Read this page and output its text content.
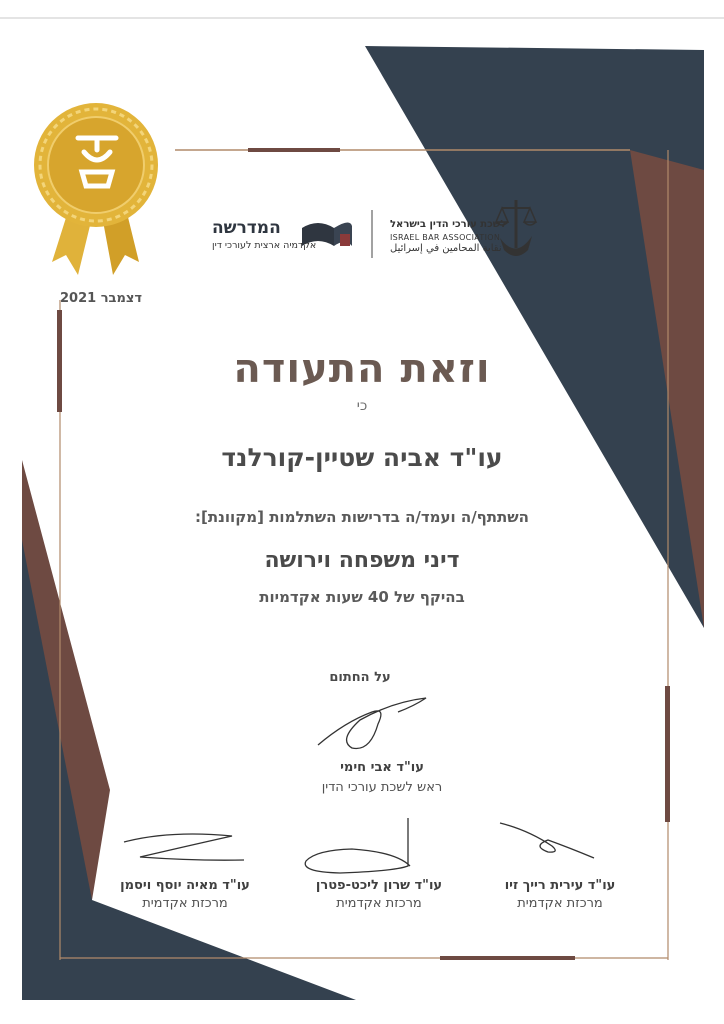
לשכת עורכי הדין בישראל
ISRAEL BAR ASSOCIATION
نقابة المحامين في إسرائيل
המדרשה
אקדמיה ארצית לעורכי דין
דצמבר 2021
וזאת התעודה
כי
עו"ד אביה שטיין-קורלנד
השתתף/ה ועמד/ה בדרישות השתלמות [מקוונת]:
דיני משפחה וירושה
בהיקף של 40 שעות אקדמיות
על החתום
עו"ד אבי חימי
ראש לשכת עורכי הדין
עו"ד עירית רייך זיו
מרכזת אקדמית
עו"ד שרון ליכט-פטרן
מרכזת אקדמית
עו"ד מאיה יוסף ויסמן
מרכזת אקדמית
